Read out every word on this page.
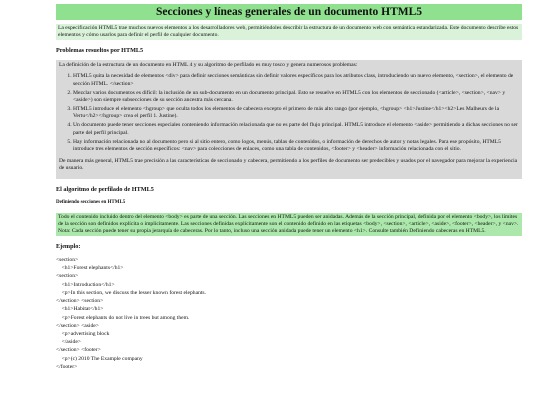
Secciones y líneas generales de un documento HTML5

La especificación HTML5 trae muchos nuevos elementos a los desarrolladores web, permitiéndoles describir la estructura de un documento web con semántica estandarizada. Este documento describe estos elementos y cómo usarlos para definir el perfil de cualquier documento.

Problemas resueltos por HTML5

La definición de la estructura de un documento en HTML 4 y su algoritmo de perfilado es muy tosco y genera numerosos problemas:

1. HTML5 quita la necesidad de elementos <div> para definir secciones semánticas sin definir valores específicos para los atributos class, introduciendo un nuevo elemento, <section>, el elemento de sección HTML. </section>
2. Mezclar varios documentos es difícil: la inclusión de un sub-documento en un documento principal. Esto se resuelve en HTML5 con los elementos de seccionado (<article>, <section>, <nav> y <aside>) son siempre subsecciones de su sección ancestra más cercana.
3. HTML5 introduce el elemento <hgroup> que oculta todos los elementos de cabecera excepto el primero de más alto rango (por ejemplo, <hgroup> <h1>Justine</h1><h2>Les Malheurs de la Vertu</h2></hgroup> crea el perfil 1. Justine).
4. Un documento puede tener secciones especiales conteniendo información relacionada que no es parte del flujo principal. HTML5 introduce el elemento <aside> permitiendo a dichas secciones no ser parte del perfil principal.
5. Hay información relacionada no al documento pero si al sitio entero, como logos, menús, tablas de contenidos, o información de derechos de autor y notas legales. Para ese propósito, HTML5 introduce tres elementos de sección específicos: <nav> para colecciones de enlaces, como una tabla de contenidos, <footer> y <header> información relacionada con el sitio.

De manera más general, HTML5 trae precisión a las características de seccionado y cabecera, permitiendo a los perfiles de documento ser predecibles y usados por el navegador para mejorar la experiencia de usuario.

El algoritmo de perfilado de HTML5
Definiendo secciones en HTML5

Todo el contenido incluido dentro del elemento <body> es parte de una sección. Las secciones en HTML5 pueden ser anidadas. Además de la sección principal, definida por el elemento <body>, los límites de la sección son definidos explícita o implícitamente. Las secciones definidas explícitamente son el contenido definido en las etiquetas <body>, <section>, <article>, <aside>, <footer>, <header>, y <nav>. Nota: Cada sección puede tener su propia jerarquía de cabeceras. Por lo tanto, incluso una sección anidada puede tener un elemento <h1>. Consulte también Definiendo cabeceras en HTML5.

Ejemplo:
<section>
<h1>Forest elephants</h1>
<section>
<h1>Introduction</h1>
<p>In this section, we discuss the lesser known forest elephants.
</section> <section>
<h1>Habitat</h1>
<p>Forest elephants do not live in trees but among them.
</section> <aside>
<p>advertising block
</aside>
</section> <footer>
<p>(c) 2010 The Example company
</footer>
